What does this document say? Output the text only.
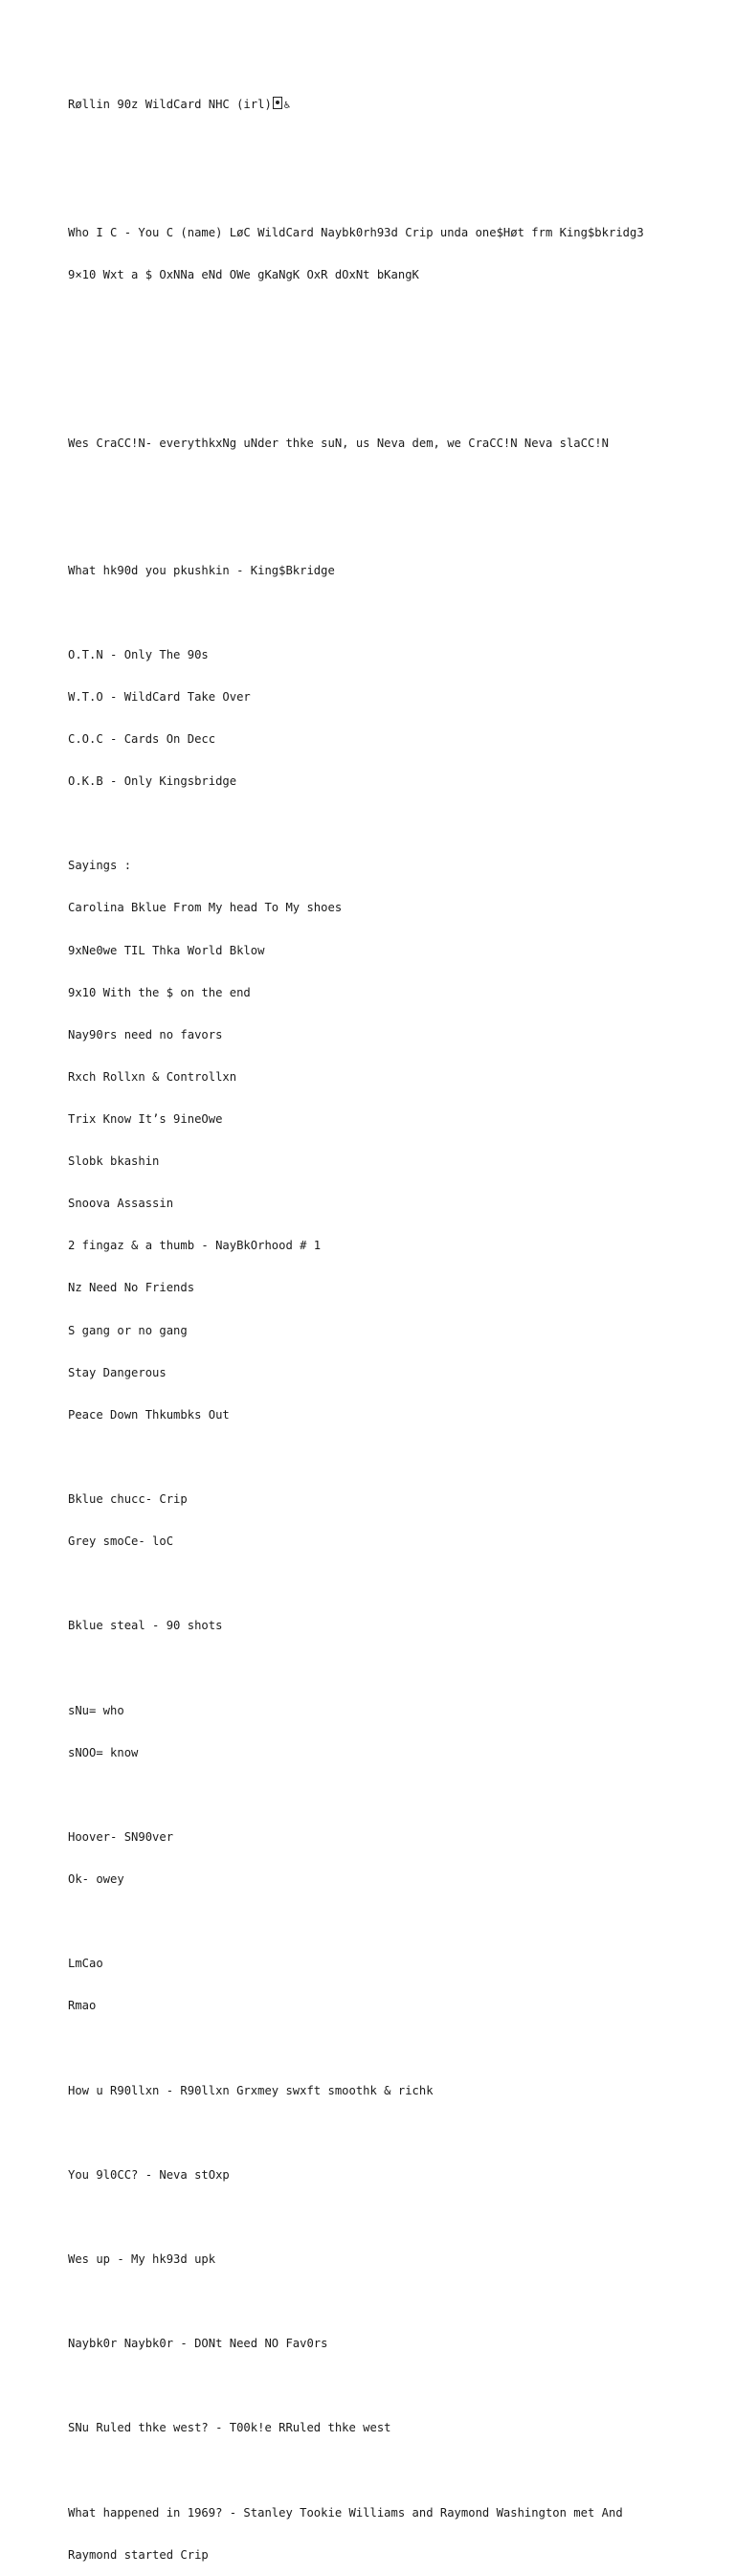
Røllin 90z WildCard NHC (irl) ♿

Who I C - You C (name) LøC WildCard Naybk0rh93d Crip unda one$Høt frm King$bkridg3

9×10 Wxt a $ OxNNa eNd OWe gKaNgK OxR dOxNt bKangK

Wes CraCC!N- everythkxNg uNder thke suN, us Neva dem, we CraCC!N Neva slaCC!N

What hk90d you pkushkin - King$Bkridge

O.T.N - Only The 90s

W.T.O - WildCard Take Over

C.O.C - Cards On Decc

O.K.B - Only Kingsbridge

Sayings :

Carolina Bklue From My head To My shoes

9xNe0we TIL Thka World Bklow

9x10 With the $ on the end

Nay90rs need no favors

Rxch Rollxn & Controllxn

Trix Know It’s 9ineOwe

Slobk bkashin

Snoova Assassin

2 fingaz & a thumb - NayBkOrhood # 1

Nz Need No Friends

S gang or no gang

Stay Dangerous

Peace Down Thkumbks Out

Bklue chucc- Crip

Grey smoCe- loC

Bklue steal - 90 shots

sNu= who

sNOO= know

Hoover- SN90ver

Ok- owey

LmCao

Rmao

How u R90llxn - R90llxn Grxmey swxft smoothk & richk

You 9l0CC? - Neva stOxp

Wes up - My hk93d upk

Naybk0r Naybk0r - DONt Need NO Fav0rs

SNu Ruled thke west? - T00k!e RRuled thke west

What happened in 1969? - Stanley Tookie Williams and Raymond Washington met And

Raymond started Crip
